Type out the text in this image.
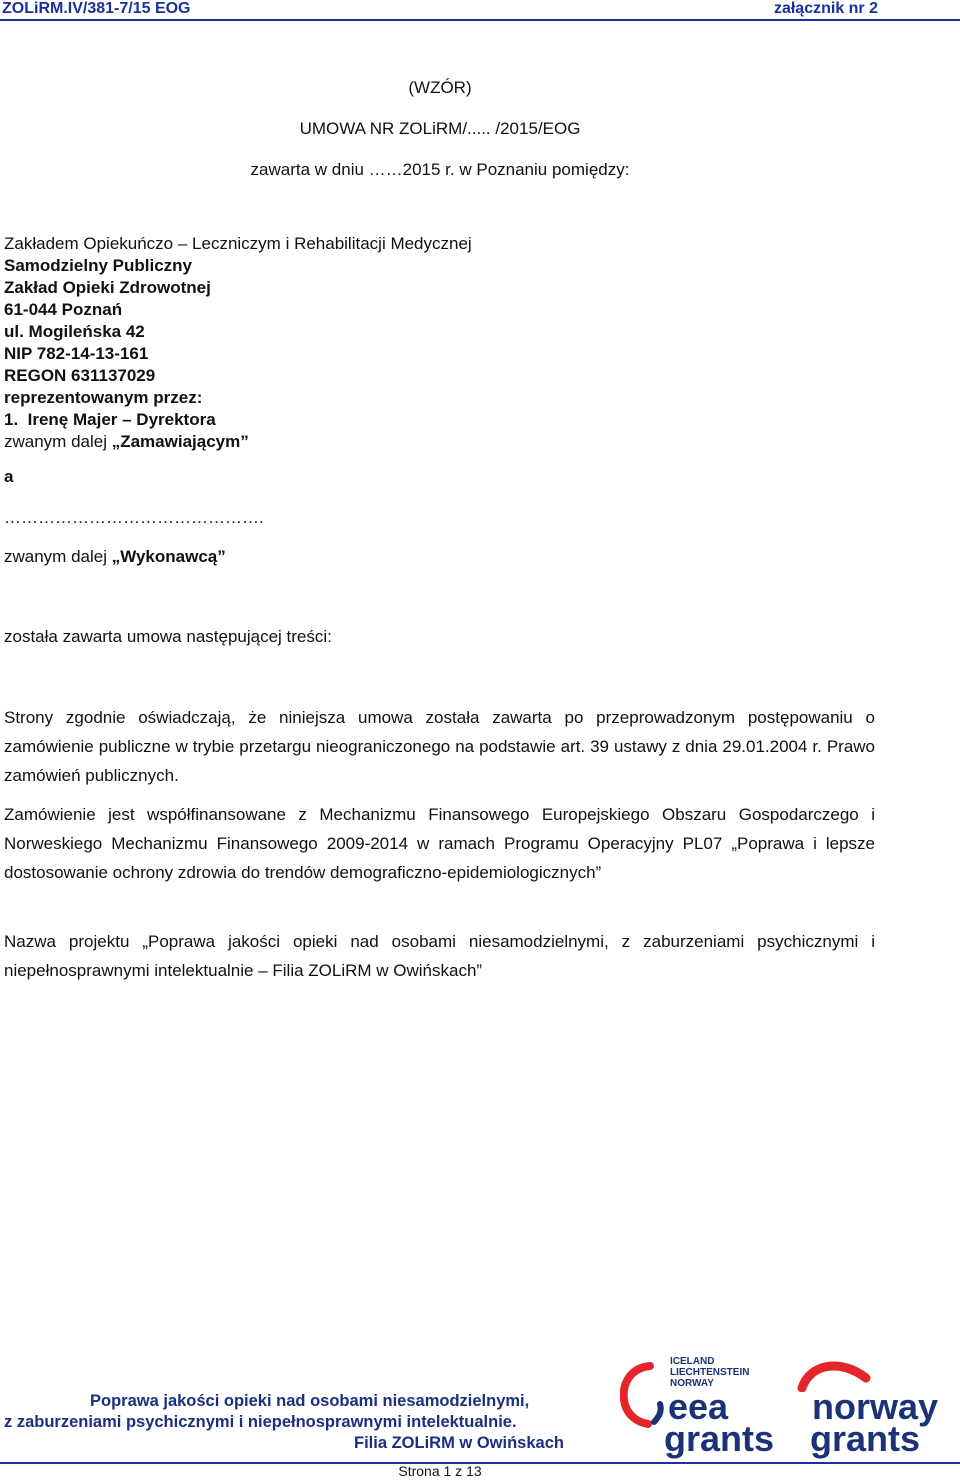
ZOLiRM.IV/381-7/15 EOG	załącznik nr 2
(WZÓR)
UMOWA NR ZOLiRM/..... /2015/EOG
zawarta w dniu ……2015 r. w Poznaniu pomiędzy:
Zakładem Opiekuńczo – Leczniczym i Rehabilitacji Medycznej
Samodzielny Publiczny
Zakład Opieki Zdrowotnej
61-044 Poznań
ul. Mogileńska 42
NIP 782-14-13-161
REGON 631137029
reprezentowanym przez:
1.  Irenę Majer – Dyrektora
zwanym dalej „Zamawiającym”
a
……………………………………….
zwanym dalej „Wykonawcą”
została zawarta umowa następującej treści:
Strony zgodnie oświadczają, że niniejsza umowa została zawarta po przeprowadzonym postępowaniu o zamówienie publiczne w trybie przetargu nieograniczonego na podstawie art. 39 ustawy z dnia 29.01.2004 r. Prawo zamówień publicznych.
Zamówienie jest współfinansowane z Mechanizmu Finansowego Europejskiego Obszaru Gospodarczego i Norweskiego Mechanizmu Finansowego 2009-2014 w ramach Programu Operacyjny PL07 „Poprawa i lepsze dostosowanie ochrony zdrowia do trendów demograficzno-epidemiologicznych”
Nazwa projektu „Poprawa jakości opieki nad osobami niesamodzielnymi, z zaburzeniami psychicznymi i niepełnosprawnymi intelektualnie – Filia ZOLiRM w Owińskach”
Poprawa jakości opieki nad osobami niesamodzielnymi,
z zaburzeniami psychicznymi i niepełnosprawnymi intelektualnie.
Filia ZOLiRM w Owińskach
ICELAND
LIECHTENSTEIN
NORWAY
eea
grants
norway
grants
Strona 1 z 13
